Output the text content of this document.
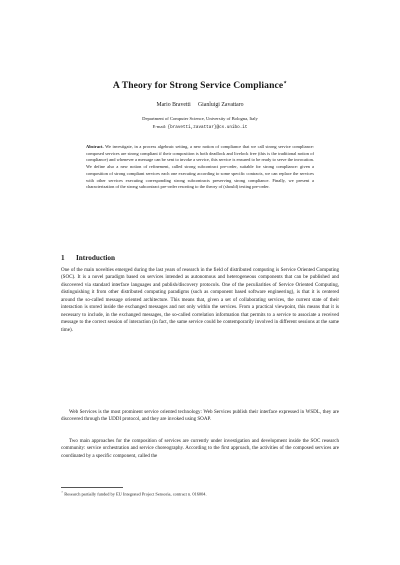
A Theory for Strong Service Compliance⋆
Mario Bravetti     Gianluigi Zavattaro
Department of Computer Science, University of Bologna, Italy
E-mail: {bravetti,zavattar}@cs.unibo.it
Abstract. We investigate, in a process algebraic setting, a new notion of compliance that we call strong service compliance: composed services are strong compliant if their composition is both deadlock and livelock free (this is the traditional notion of compliance) and whenever a message can be sent to invoke a service, this service is ensured to be ready to serve the invocation. We define also a new notion of refinement, called strong subcontract pre-order, suitable for strong compliance: given a composition of strong compliant services each one executing according to some specific contracts, we can replace the services with other services executing corresponding strong subcontracts preserving strong compliance. Finally, we present a characterization of the strong subcontract pre-order resorting to the theory of (should) testing pre-order.
1 Introduction

One of the main novelties emerged during the last years of research in the field of distributed computing is Service Oriented Computing (SOC). It is a novel paradigm based on services intended as autonomous and heterogeneous components that can be published and discovered via standard interface languages and publish/discovery protocols. One of the peculiarities of Service Oriented Computing, distinguishing it from other distributed computing paradigms (such as component based software engineering), is that it is centered around the so-called message oriented architecture. This means that, given a set of collaborating services, the current state of their interaction is stored inside the exchanged messages and not only within the services. From a practical viewpoint, this means that it is necessary to include, in the exchanged messages, the so-called correlation information that permits to a service to associate a received message to the correct session of interaction (in fact, the same service could be contemporarily involved in different sessions at the same time).

Web Services is the most prominent service oriented technology: Web Services publish their interface expressed in WSDL, they are discovered through the UDDI protocol, and they are invoked using SOAP.

Two main approaches for the composition of services are currently under investigation and development inside the SOC research community: service orchestration and service choreography. According to the first approach, the activities of the composed services are coordinated by a specific component, called the

⋆ Research partially funded by EU Integrated Project Sensoria, contract n. 016004.
